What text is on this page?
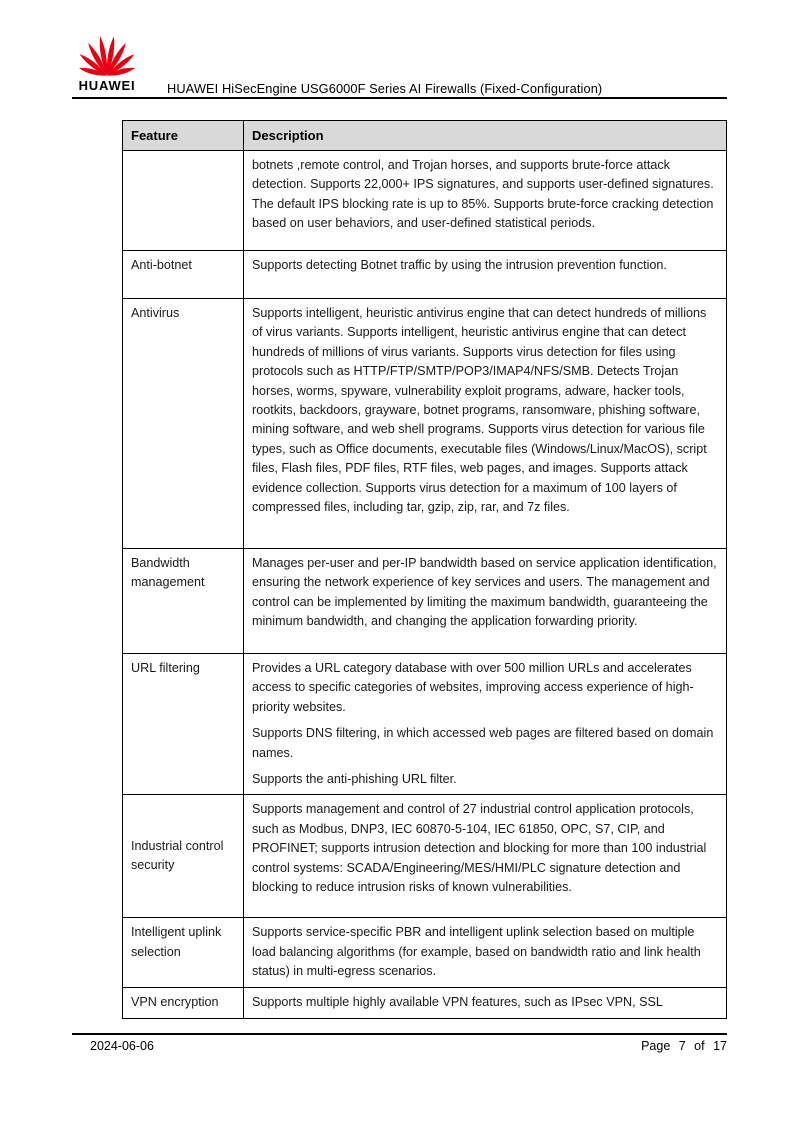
HUAWEI HUAWEI HiSecEngine USG6000F Series AI Firewalls (Fixed-Configuration)
Feature	Description

	botnets ,remote control, and Trojan horses, and supports brute-force attack detection. Supports 22,000+ IPS signatures, and supports user-defined signatures. The default IPS blocking rate is up to 85%. Supports brute-force cracking detection based on user behaviors, and user-defined statistical periods.

Anti-botnet	Supports detecting Botnet traffic by using the intrusion prevention function.

Antivirus	Supports intelligent, heuristic antivirus engine that can detect hundreds of millions of virus variants. Supports intelligent, heuristic antivirus engine that can detect hundreds of millions of virus variants. Supports virus detection for files using protocols such as HTTP/FTP/SMTP/POP3/IMAP4/NFS/SMB. Detects Trojan horses, worms, spyware, vulnerability exploit programs, adware, hacker tools, rootkits, backdoors, grayware, botnet programs, ransomware, phishing software, mining software, and web shell programs. Supports virus detection for various file types, such as Office documents, executable files (Windows/Linux/MacOS), script files, Flash files, PDF files, RTF files, web pages, and images. Supports attack evidence collection. Supports virus detection for a maximum of 100 layers of compressed files, including tar, gzip, zip, rar, and 7z files.

Bandwidth management	Manages per-user and per-IP bandwidth based on service application identification, ensuring the network experience of key services and users. The management and control can be implemented by limiting the maximum bandwidth, guaranteeing the minimum bandwidth, and changing the application forwarding priority.

URL filtering	Provides a URL category database with over 500 million URLs and accelerates access to specific categories of websites, improving access experience of high-priority websites.

Supports DNS filtering, in which accessed web pages are filtered based on domain names.

Supports the anti-phishing URL filter.

Industrial control security	Supports management and control of 27 industrial control application protocols, such as Modbus, DNP3, IEC 60870-5-104, IEC 61850, OPC, S7, CIP, and PROFINET; supports intrusion detection and blocking for more than 100 industrial control systems: SCADA/Engineering/MES/HMI/PLC signature detection and blocking to reduce intrusion risks of known vulnerabilities.

Intelligent uplink selection	Supports service-specific PBR and intelligent uplink selection based on multiple load balancing algorithms (for example, based on bandwidth ratio and link health status) in multi-egress scenarios.

VPN encryption	Supports multiple highly available VPN features, such as IPsec VPN, SSL

2024-06-06	Page 7 of 17
